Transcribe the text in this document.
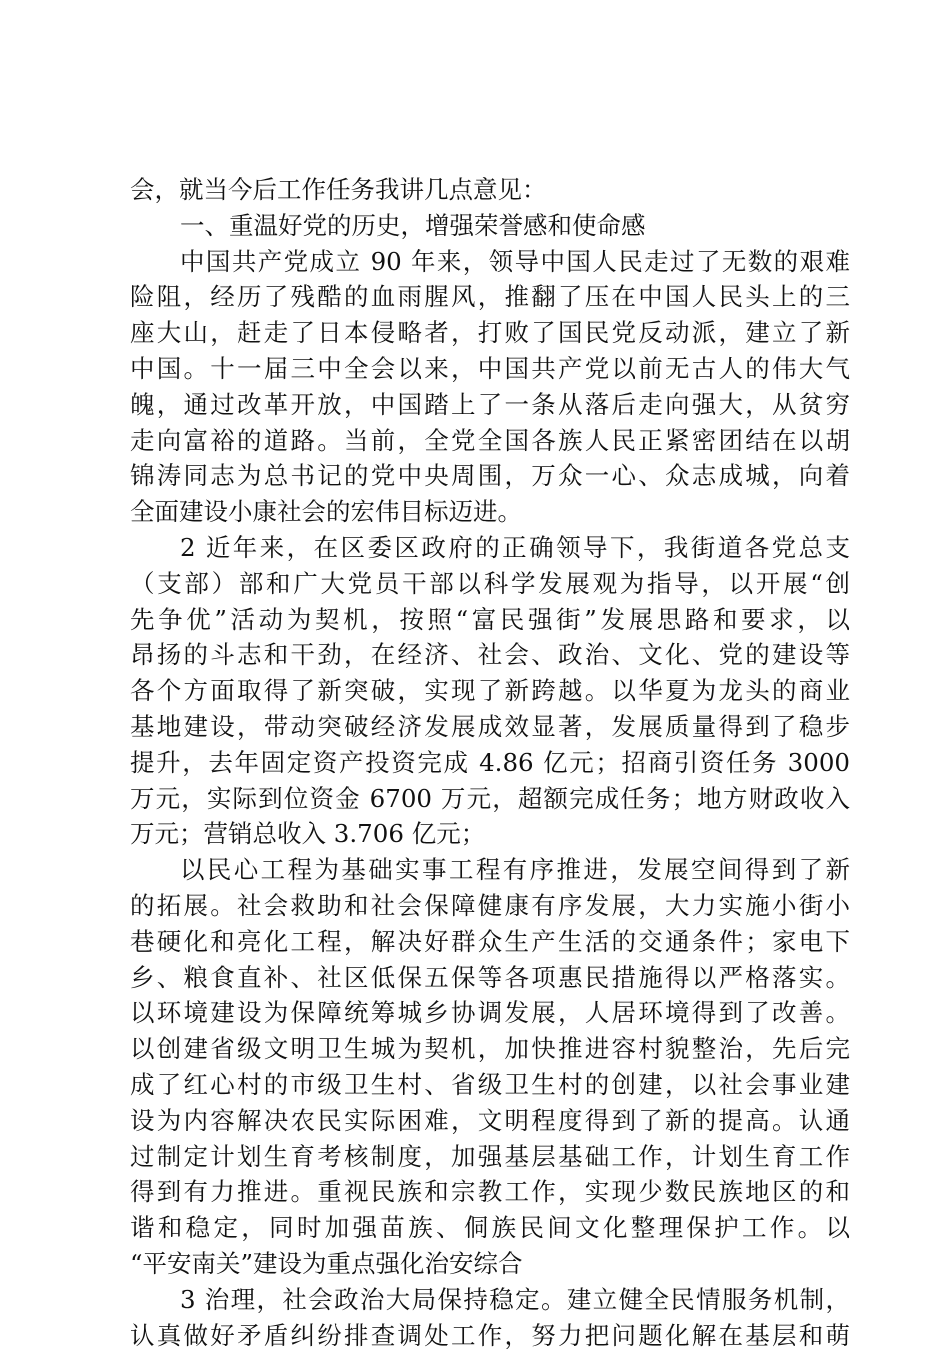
会，就当今后工作任务我讲几点意见：
一、重温好党的历史，增强荣誉感和使命感
中国共产党成立 90 年来，领导中国人民走过了无数的艰难
险阻，经历了残酷的血雨腥风，推翻了压在中国人民头上的三
座大山，赶走了日本侵略者，打败了国民党反动派，建立了新
中国。十一届三中全会以来，中国共产党以前无古人的伟大气
魄，通过改革开放，中国踏上了一条从落后走向强大，从贫穷
走向富裕的道路。当前，全党全国各族人民正紧密团结在以胡
锦涛同志为总书记的党中央周围，万众一心、众志成城，向着
全面建设小康社会的宏伟目标迈进。
2 近年来，在区委区政府的正确领导下，我街道各党总支
（支部）部和广大党员干部以科学发展观为指导，以开展“创
先争优”活动为契机，按照“富民强街”发展思路和要求，以
昂扬的斗志和干劲，在经济、社会、政治、文化、党的建设等
各个方面取得了新突破，实现了新跨越。以华夏为龙头的商业
基地建设，带动突破经济发展成效显著，发展质量得到了稳步
提升，去年固定资产投资完成 4.86 亿元；招商引资任务 3000
万元，实际到位资金 6700 万元，超额完成任务；地方财政收入
万元；营销总收入 3.706 亿元；
以民心工程为基础实事工程有序推进，发展空间得到了新
的拓展。社会救助和社会保障健康有序发展，大力实施小街小
巷硬化和亮化工程，解决好群众生产生活的交通条件；家电下
乡、粮食直补、社区低保五保等各项惠民措施得以严格落实。
以环境建设为保障统筹城乡协调发展，人居环境得到了改善。
以创建省级文明卫生城为契机，加快推进容村貌整治，先后完
成了红心村的市级卫生村、省级卫生村的创建，以社会事业建
设为内容解决农民实际困难，文明程度得到了新的提高。认通
过制定计划生育考核制度，加强基层基础工作，计划生育工作
得到有力推进。重视民族和宗教工作，实现少数民族地区的和
谐和稳定，同时加强苗族、侗族民间文化整理保护工作。以
“平安南关”建设为重点强化治安综合
3 治理，社会政治大局保持稳定。建立健全民情服务机制，
认真做好矛盾纠纷排查调处工作，努力把问题化解在基层和萌
